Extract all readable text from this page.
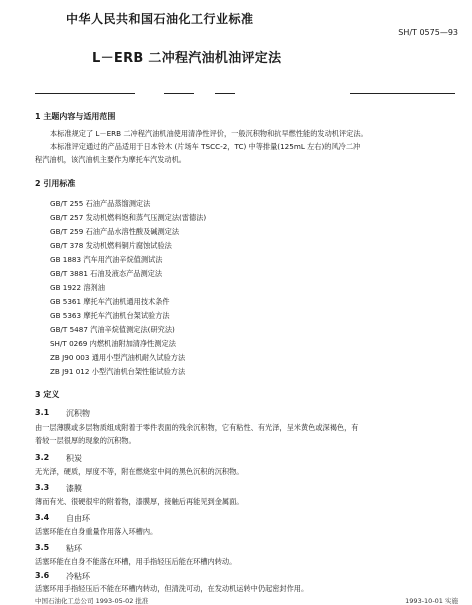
中华人民共和国石油化工行业标准
SH/T 0575—93
L－ERB 二冲程汽油机油评定法
1 主题内容与适用范围
本标准规定了 L－ERB 二冲程汽油机油使用清净性评价，一般沉积物和抗早燃性能的发动机评定法。
本标准评定通过的产品适用于日本铃木 (片场车 TSCC-2，TC) 中等排量(125mL 左右)的风冷二冲
程汽油机，该汽油机主要作为摩托车汽发动机。
2 引用标准
GB/T 255 石油产品蒸馏测定法
GB/T 257 发动机燃料饱和蒸气压测定法(雷德法)
GB/T 259 石油产品水溶性酸及碱测定法
GB/T 378 发动机燃料铜片腐蚀试验法
GB 1883 汽车用汽油辛烷值测试法
GB/T 3881 石油及液态产品测定法
GB 1922 溶剂油
GB 5361 摩托车汽油机通用技术条件
GB 5363 摩托车汽油机台架试验方法
GB/T 5487 汽油辛烷值测定法(研究法)
SH/T 0269 内燃机油附加清净性测定法
ZB J90 003 通用小型汽油机耐久试验方法
ZB J91 012 小型汽油机台架性能试验方法
3 定义
3.1 沉积物
由一层薄膜或多层物质组成附着于零件表面的残余沉积物，它有粘性、有光泽，呈米黄色或深褐色，有
着较一层很厚的现象的沉积物。
3.2 积炭
无光泽，硬质，厚度不等，附在燃烧室中间的黑色沉积的沉积物。
3.3 漆膜
薄而有光、很硬很牢的附着物，漆膜厚，接触后再能见到金属面。
3.4 自由环
活塞环能在自身重量作用落入环槽内。
3.5 粘环
活塞环能在自身不能落在环槽，用手指轻压后能在环槽内转动。
3.6 冷粘环
活塞环用手指轻压后不能在环槽内转动，但清洗可动，在发动机运转中仍起密封作用。
中国石油化工总公司 1993-05-02 批准	1993-10-01 实施
